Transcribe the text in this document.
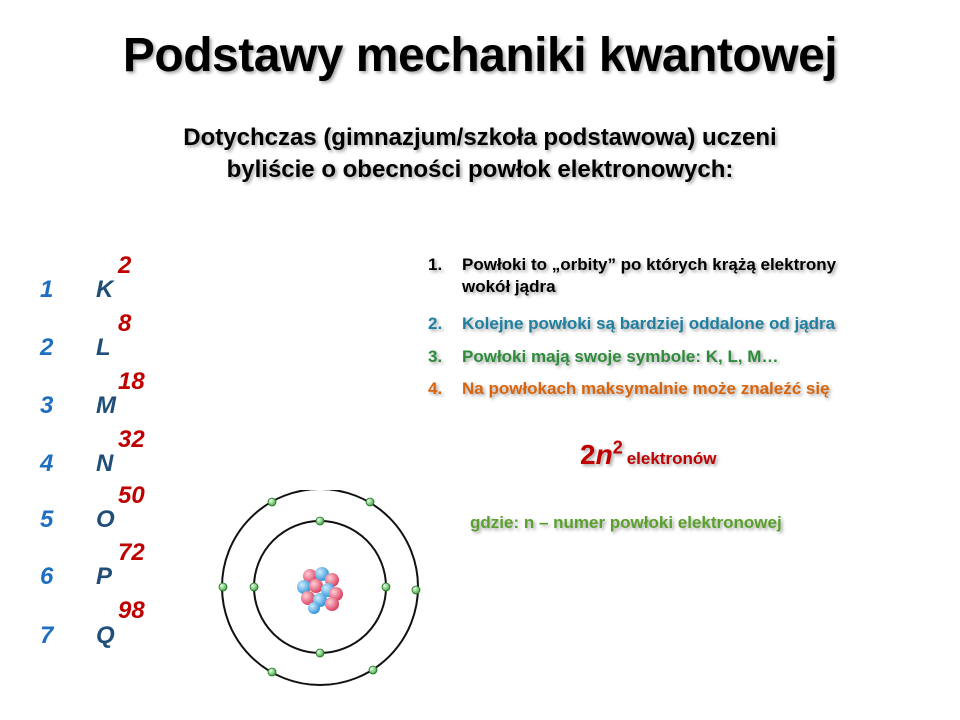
Podstawy mechaniki kwantowej
Dotychczas (gimnazjum/szkoła podstawowa) uczeni
byliście o obecności powłok elektronowych:
1 K
2
2 L
8
3 M
18
4 N
32
5 O
50
6 P
72
7 Q
98
1. Powłoki to „orbity” po których krążą elektrony
wokół jądra
2. Kolejne powłoki są bardziej oddalone od jądra
3. Powłoki mają swoje symbole: K, L, M…
4. Na powłokach maksymalnie może znaleźć się
$2n^2elektronów$
gdzie: n – numer powłoki elektronowej
